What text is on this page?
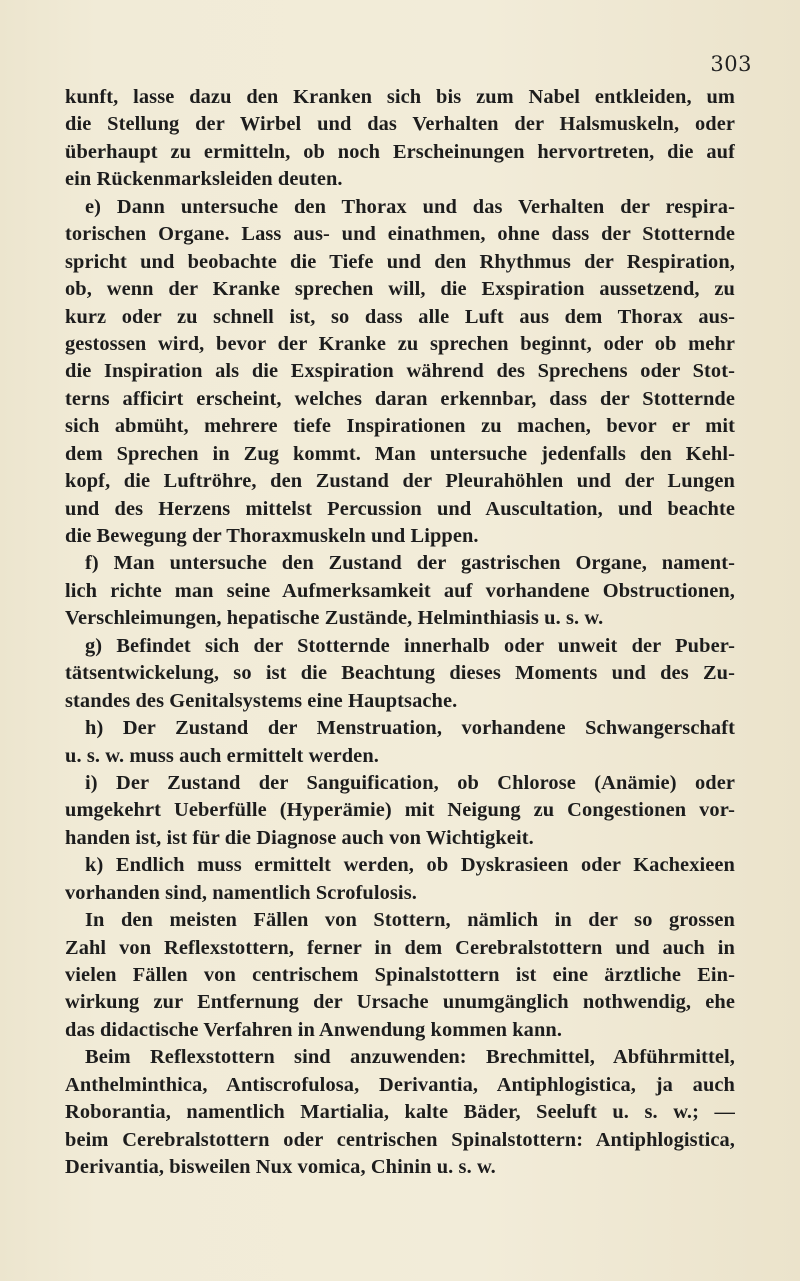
303
kunft, lasse dazu den Kranken sich bis zum Nabel entkleiden, um
die Stellung der Wirbel und das Verhalten der Halsmuskeln, oder
überhaupt zu ermitteln, ob noch Erscheinungen hervortreten, die auf
ein Rückenmarksleiden deuten.
e) Dann untersuche den Thorax und das Verhalten der respira-
torischen Organe. Lass aus- und einathmen, ohne dass der Stotternde
spricht und beobachte die Tiefe und den Rhythmus der Respiration,
ob, wenn der Kranke sprechen will, die Exspiration aussetzend, zu
kurz oder zu schnell ist, so dass alle Luft aus dem Thorax aus-
gestossen wird, bevor der Kranke zu sprechen beginnt, oder ob mehr
die Inspiration als die Exspiration während des Sprechens oder Stot-
terns afficirt erscheint, welches daran erkennbar, dass der Stotternde
sich abmüht, mehrere tiefe Inspirationen zu machen, bevor er mit
dem Sprechen in Zug kommt. Man untersuche jedenfalls den Kehl-
kopf, die Luftröhre, den Zustand der Pleurahöhlen und der Lungen
und des Herzens mittelst Percussion und Auscultation, und beachte
die Bewegung der Thoraxmuskeln und Lippen.
f) Man untersuche den Zustand der gastrischen Organe, nament-
lich richte man seine Aufmerksamkeit auf vorhandene Obstructionen,
Verschleimungen, hepatische Zustände, Helminthiasis u. s. w.
g) Befindet sich der Stotternde innerhalb oder unweit der Puber-
tätsentwickelung, so ist die Beachtung dieses Moments und des Zu-
standes des Genitalsystems eine Hauptsache.
h) Der Zustand der Menstruation, vorhandene Schwangerschaft
u. s. w. muss auch ermittelt werden.
i) Der Zustand der Sanguification, ob Chlorose (Anämie) oder
umgekehrt Ueberfülle (Hyperämie) mit Neigung zu Congestionen vor-
handen ist, ist für die Diagnose auch von Wichtigkeit.
k) Endlich muss ermittelt werden, ob Dyskrasieen oder Kachexieen
vorhanden sind, namentlich Scrofulosis.
In den meisten Fällen von Stottern, nämlich in der so grossen
Zahl von Reflexstottern, ferner in dem Cerebralstottern und auch in
vielen Fällen von centrischem Spinalstottern ist eine ärztliche Ein-
wirkung zur Entfernung der Ursache unumgänglich nothwendig, ehe
das didactische Verfahren in Anwendung kommen kann.
Beim Reflexstottern sind anzuwenden: Brechmittel, Abführmittel,
Anthelminthica, Antiscrofulosa, Derivantia, Antiphlogistica, ja auch
Roborantia, namentlich Martialia, kalte Bäder, Seeluft u. s. w.; —
beim Cerebralstottern oder centrischen Spinalstottern: Antiphlogistica,
Derivantia, bisweilen Nux vomica, Chinin u. s. w.
